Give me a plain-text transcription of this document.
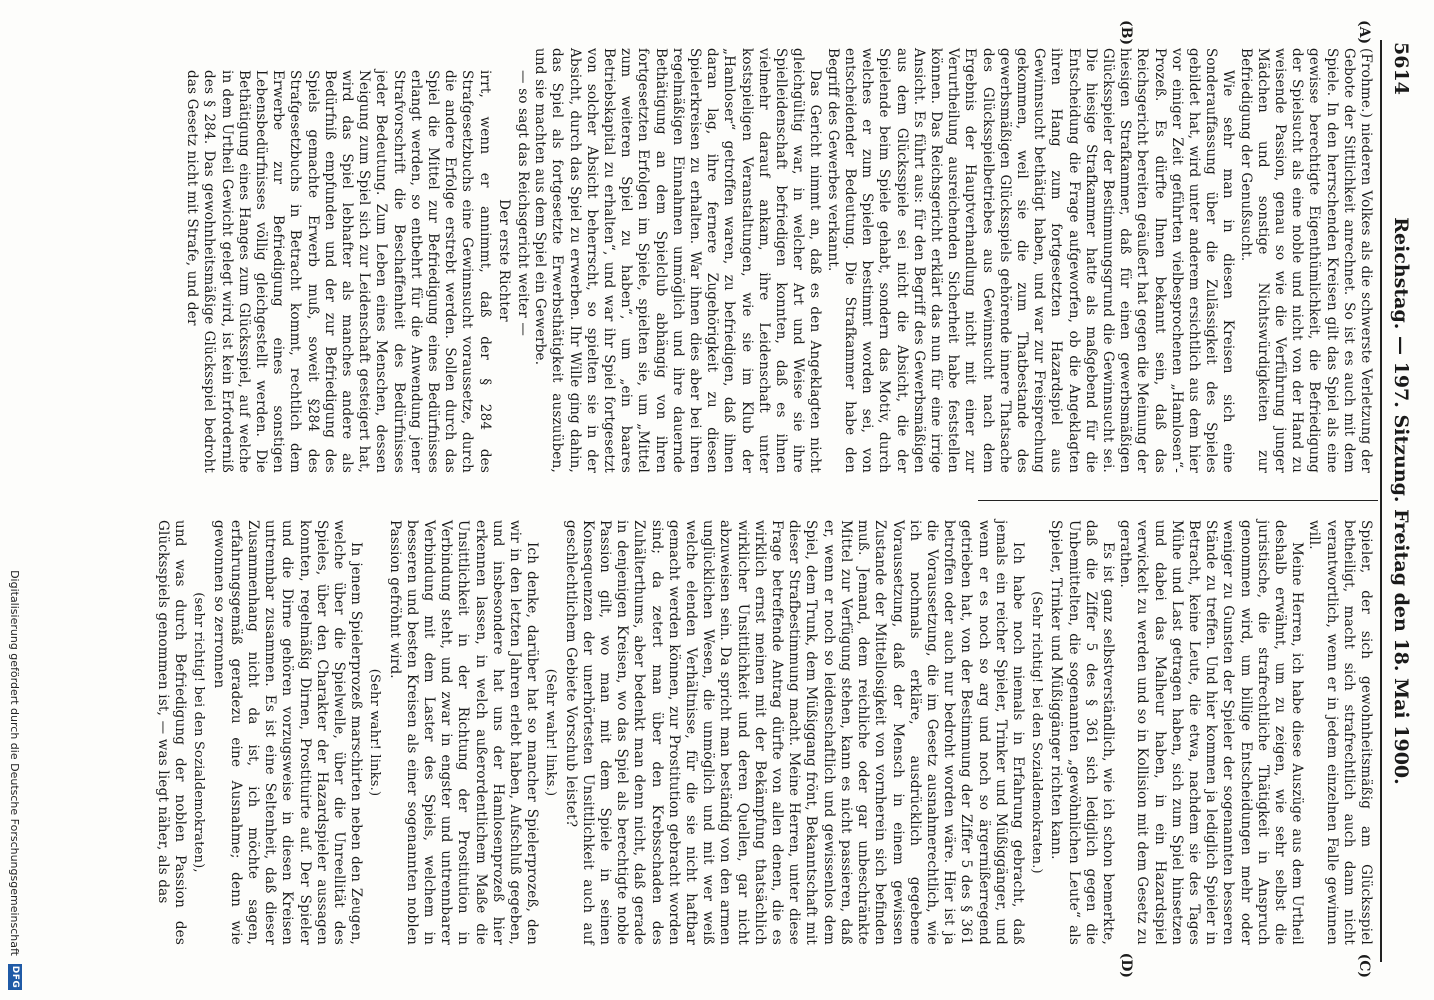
5614
Reichstag. — 197. Sitzung. Freitag den 18. Mai 1900.
(A)
(B)
(C)
(D)

(Frohme.) niederen Volkes als die schwerste Verletzung der Gebote der Sittlichkeit anrechnet. So ist es auch mit dem Spiele. In den herrschenden Kreisen gilt das Spiel als eine gewisse berechtigte Eigenthümlichkeit, die Befriedigung der Spielsucht als eine noble und nicht von der Hand zu weisende Passion, genau so wie die Verführung junger Mädchen und sonstige Nichtswürdigkeiten zur Befriedigung der Genußsucht.

Wie sehr man in diesen Kreisen sich eine Sonderauffassung über die Zulässigkeit des Spieles gebildet hat, wird unter anderem ersichtlich aus dem hier vor einiger Zeit geführten vielbesprochenen „Hamlosen“-Prozeß. Es dürfte Ihnen bekannt sein, daß das Reichsgericht bereiten geäußert hat gegen die Meinung der hiesigen Strafkammer, daß für einen gewerbsmäßigen Glücksspieler der Bestimmungsgrund die Gewinnsucht sei. Die hiesige Strafkammer hatte als maßgebend für die Entscheidung die Frage aufgeworfen, ob die Angeklagten ihren Hang zum fortgesetzten Hazardspiel aus Gewinnsucht bethätigt haben, und war zur Freisprechung gekommen, weil sie die zum Thatbestande des gewerbsmäßigen Glücksspiels gehörende innere Thatsache des Glücksspielbetriebes aus Gewinnsucht nach dem Ergebnis der Hauptverhandlung nicht mit einer zur Verurtheilung ausreichenden Sicherheit habe feststellen können. Das Reichsgericht erklärt das nun für eine irrige Ansicht. Es führt aus: für den Begriff des Gewerbsmäßigen aus dem Glücksspiele sei nicht die Absicht, die der Spielende beim Spiele gehabt, sondern das Motiv, durch welches er zum Spielen bestimmt worden sei, von entscheidender Bedeutung. Die Strafkammer habe den Begriff des Gewerbes verkannt.

Das Gericht nimmt an, daß es den Angeklagten nicht gleichgültig war, in welcher Art und Weise sie ihre Spielleidenschaft befriedigen konnten, daß es ihnen vielmehr darauf ankam, ihre Leidenschaft unter kostspieligen Veranstaltungen, wie sie im Klub der „Hamloser“ getroffen waren, zu befriedigen, daß ihnen daran lag, ihre fernere Zugehörigkeit zu diesen Spielerkreisen zu erhalten. War ihnen dies aber bei ihren regelmäßigen Einnahmen unmöglich und ihre dauernde Bethätigung an dem Spielclub abhängig von ihren fortgesetzten Erfolgen im Spiele, spielten sie, um „Mittel zum weiteren Spiel zu haben“, um „ein baares Betriebskapital zu erhalten“, und war ihr Spiel fortgesetzt von solcher Absicht beherrscht, so spielten sie in der Absicht, durch das Spiel zu erwerben. Ihr Wille ging dahin, das Spiel als fortgesetzte Erwerbsthätigkeit auszuüben, und sie machten aus dem Spiel ein Gewerbe.

— so sagt das Reichsgericht weiter —

Der erste Richter

irrt, wenn er annimmt, daß der § 284 des Strafgesetzbuchs eine Gewinnsucht voraussetze, durch die andere Erfolge erstrebt werden. Sollen durch das Spiel die Mittel zur Befriedigung eines Bedürfnisses erlangt werden, so entbehrt für die Anwendung jener Strafvorschrift die Beschaffenheit des Bedürfnisses jeder Bedeutung. Zum Leben eines Menschen, dessen Neigung zum Spiel sich zur Leidenschaft gesteigert hat, wird das Spiel lebhafter als manches andere als Bedürfniß empfunden und der zur Befriedigung des Spiels gemachte Erwerb muß, soweit §284 des Strafgesetzbuchs in Betracht kommt, rechtlich dem Erwerbe zur Befriedigung eines sonstigen Lebensbedürfnisses völlig gleichgestellt werden. Die Bethätigung eines Hanges zum Glücksspiel, auf welche in dem Urtheil Gewicht gelegt wird, ist kein Erforderniß des § 284. Das gewohnheitsmäßige Glücksspiel bedroht das Gesetz nicht mit Strafe, und der

Spieler, der sich gewohnheitsmäßig am Glücksspiel betheiligt, macht sich strafrechtlich auch dann nicht verantwortlich, wenn er in jedem einzelnen Falle gewinnen will.

Meine Herren, ich habe diese Auszüge aus dem Urtheil deshalb erwähnt, um zu zeigen, wie sehr selbst die juristische, die strafrechtliche Thätigkeit in Anspruch genommen wird, um billige Entscheidungen mehr oder weniger zu Gunsten der Spieler der sogenannten besseren Stände zu treffen. Und hier kommen ja lediglich Spieler in Betracht, keine Leute, die etwa, nachdem sie des Tages Mühe und Last getragen haben, sich zum Spiel hinsetzen und dabei das Malheur haben, in ein Hazardspiel verwickelt zu werden und so in Kollision mit dem Gesetz zu gerathen.

Es ist ganz selbstverständlich, wie ich schon bemerkte, daß die Ziffer 5 des § 361 sich lediglich gegen die Unbemittelten, die sogenannten „gewöhnlichen Leute“ als Spieler, Trinker und Müßiggänger richten kann.

(Sehr richtig! bei den Sozialdemokraten.)

Ich habe noch niemals in Erfahrung gebracht, daß jemals ein reicher Spieler, Trinker und Müßiggänger, und wenn er es noch so arg und noch so ärgernißerregend getrieben hat, von der Bestimmung der Ziffer 5 des § 361 betroffen oder auch nur bedroht worden wäre. Hier ist ja die Voraussetzung, die im Gesetz ausnahmerechtlich, wie ich nochmals erkläre, ausdrücklich gegebene Voraussetzung, daß der Mensch in einem gewissen Zustande der Mittellosigkeit von vornherein sich befinden muß. Jemand, dem reichliche oder gar unbeschränkte Mittel zur Verfügung stehen, kann es nicht passieren, daß er, wenn er noch so leidenschaftlich und gewissenlos dem Spiel, dem Trunk, dem Müßiggang frönt, Bekanntschaft mit dieser Strafbestimmung macht. Meine Herren, unter diese Frage betreffende Antrag dürfte von allen denen, die es wirklich ernst meinen mit der Bekämpfung thatsächlich wirklicher Unsittlichkeit und deren Quellen, gar nicht abzuweisen sein. Da spricht man beständig von den armen unglücklichen Wesen, die unmöglich und mit wer weiß welche elenden Verhältnisse, für die sie nicht haftbar gemacht werden können, zur Prostitution gebracht worden sind; da zetert man über den Krebsschaden des Zuhälterthums, aber bedenkt man denn nicht, daß gerade in denjenigen Kreisen, wo das Spiel als berechtigte noble Passion gilt, wo man mit dem Spiele in seinen Konsequenzen der unerhörtesten Unsittlichkeit auch auf geschlechtlichem Gebiete Vorschub leistet?

(Sehr wahr! links.)

Ich denke, darüber hat so mancher Spielerprozeß, den wir in den letzten Jahren erlebt haben, Aufschluß gegeben, und insbesondere hat uns der Hamlosenprozeß hier erkennen lassen, in welch außerordentlichem Maße die Unsittlichkeit in der Richtung der Prostitution in Verbindung steht, und zwar in engster und untrennbarer Verbindung mit dem Laster des Spiels, welchem in besseren und besten Kreisen als einer sogenannten noblen Passion gefröhnt wird.

(Sehr wahr! links.)

In jenem Spielerprozeß marschirten neben den Zeugen, welche über die Spielwelle, über die Unreellität des Spieles, über den Charakter der Hazardspieler aussagen konnten, regelmäßig Dirnen, Prostituirte auf. Der Spieler und die Dirne gehören vorzugsweise in diesen Kreisen untrennbar zusammen. Es ist eine Seltenheit, daß dieser Zusammenhang nicht da ist, ich möchte sagen, erfahrungsgemäß geradezu eine Ausnahme; denn wie gewonnen so zerronnen

(sehr richtig! bei den Sozialdemokraten),

und was durch Befriedigung der noblen Passion des Glücksspiels genommen ist, — was liegt näher, als das

Digitalisierung gefördert durch die Deutsche Forschungsgemeinschaft
DFG
